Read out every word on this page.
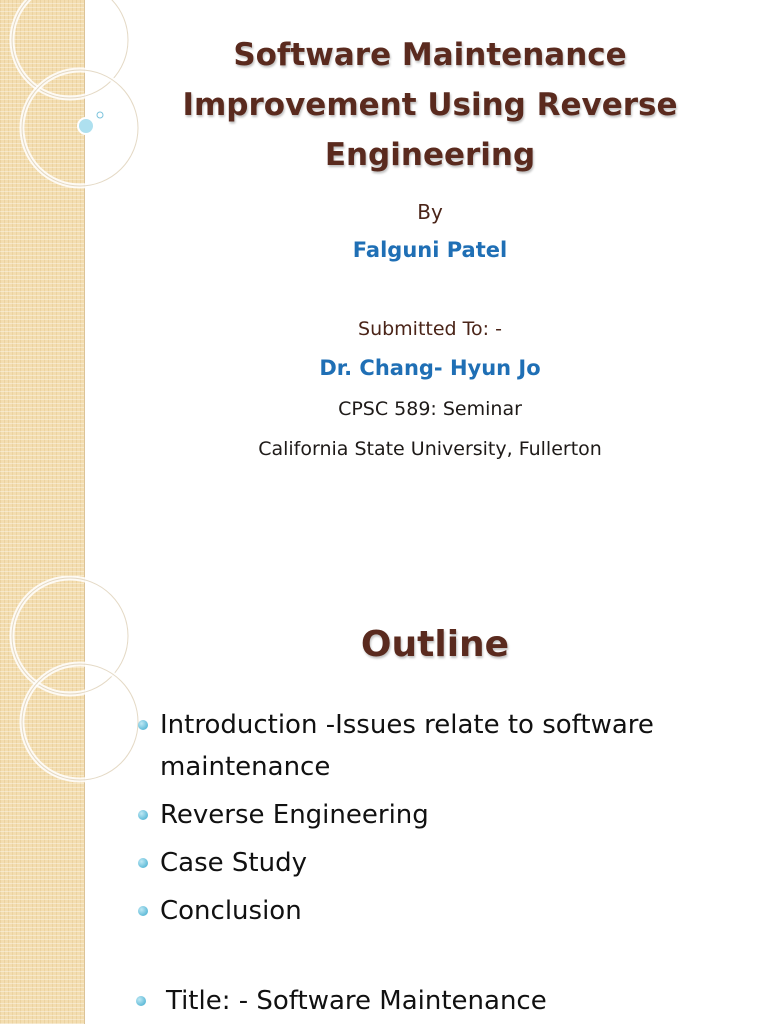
Software Maintenance
Improvement Using Reverse
Engineering

By

Falguni Patel

Submitted To: -

Dr. Chang- Hyun Jo

CPSC 589: Seminar

California State University, Fullerton

Outline
Introduction -Issues relate to software maintenance
Reverse Engineering
Case Study
Conclusion
Title: - Software Maintenance
